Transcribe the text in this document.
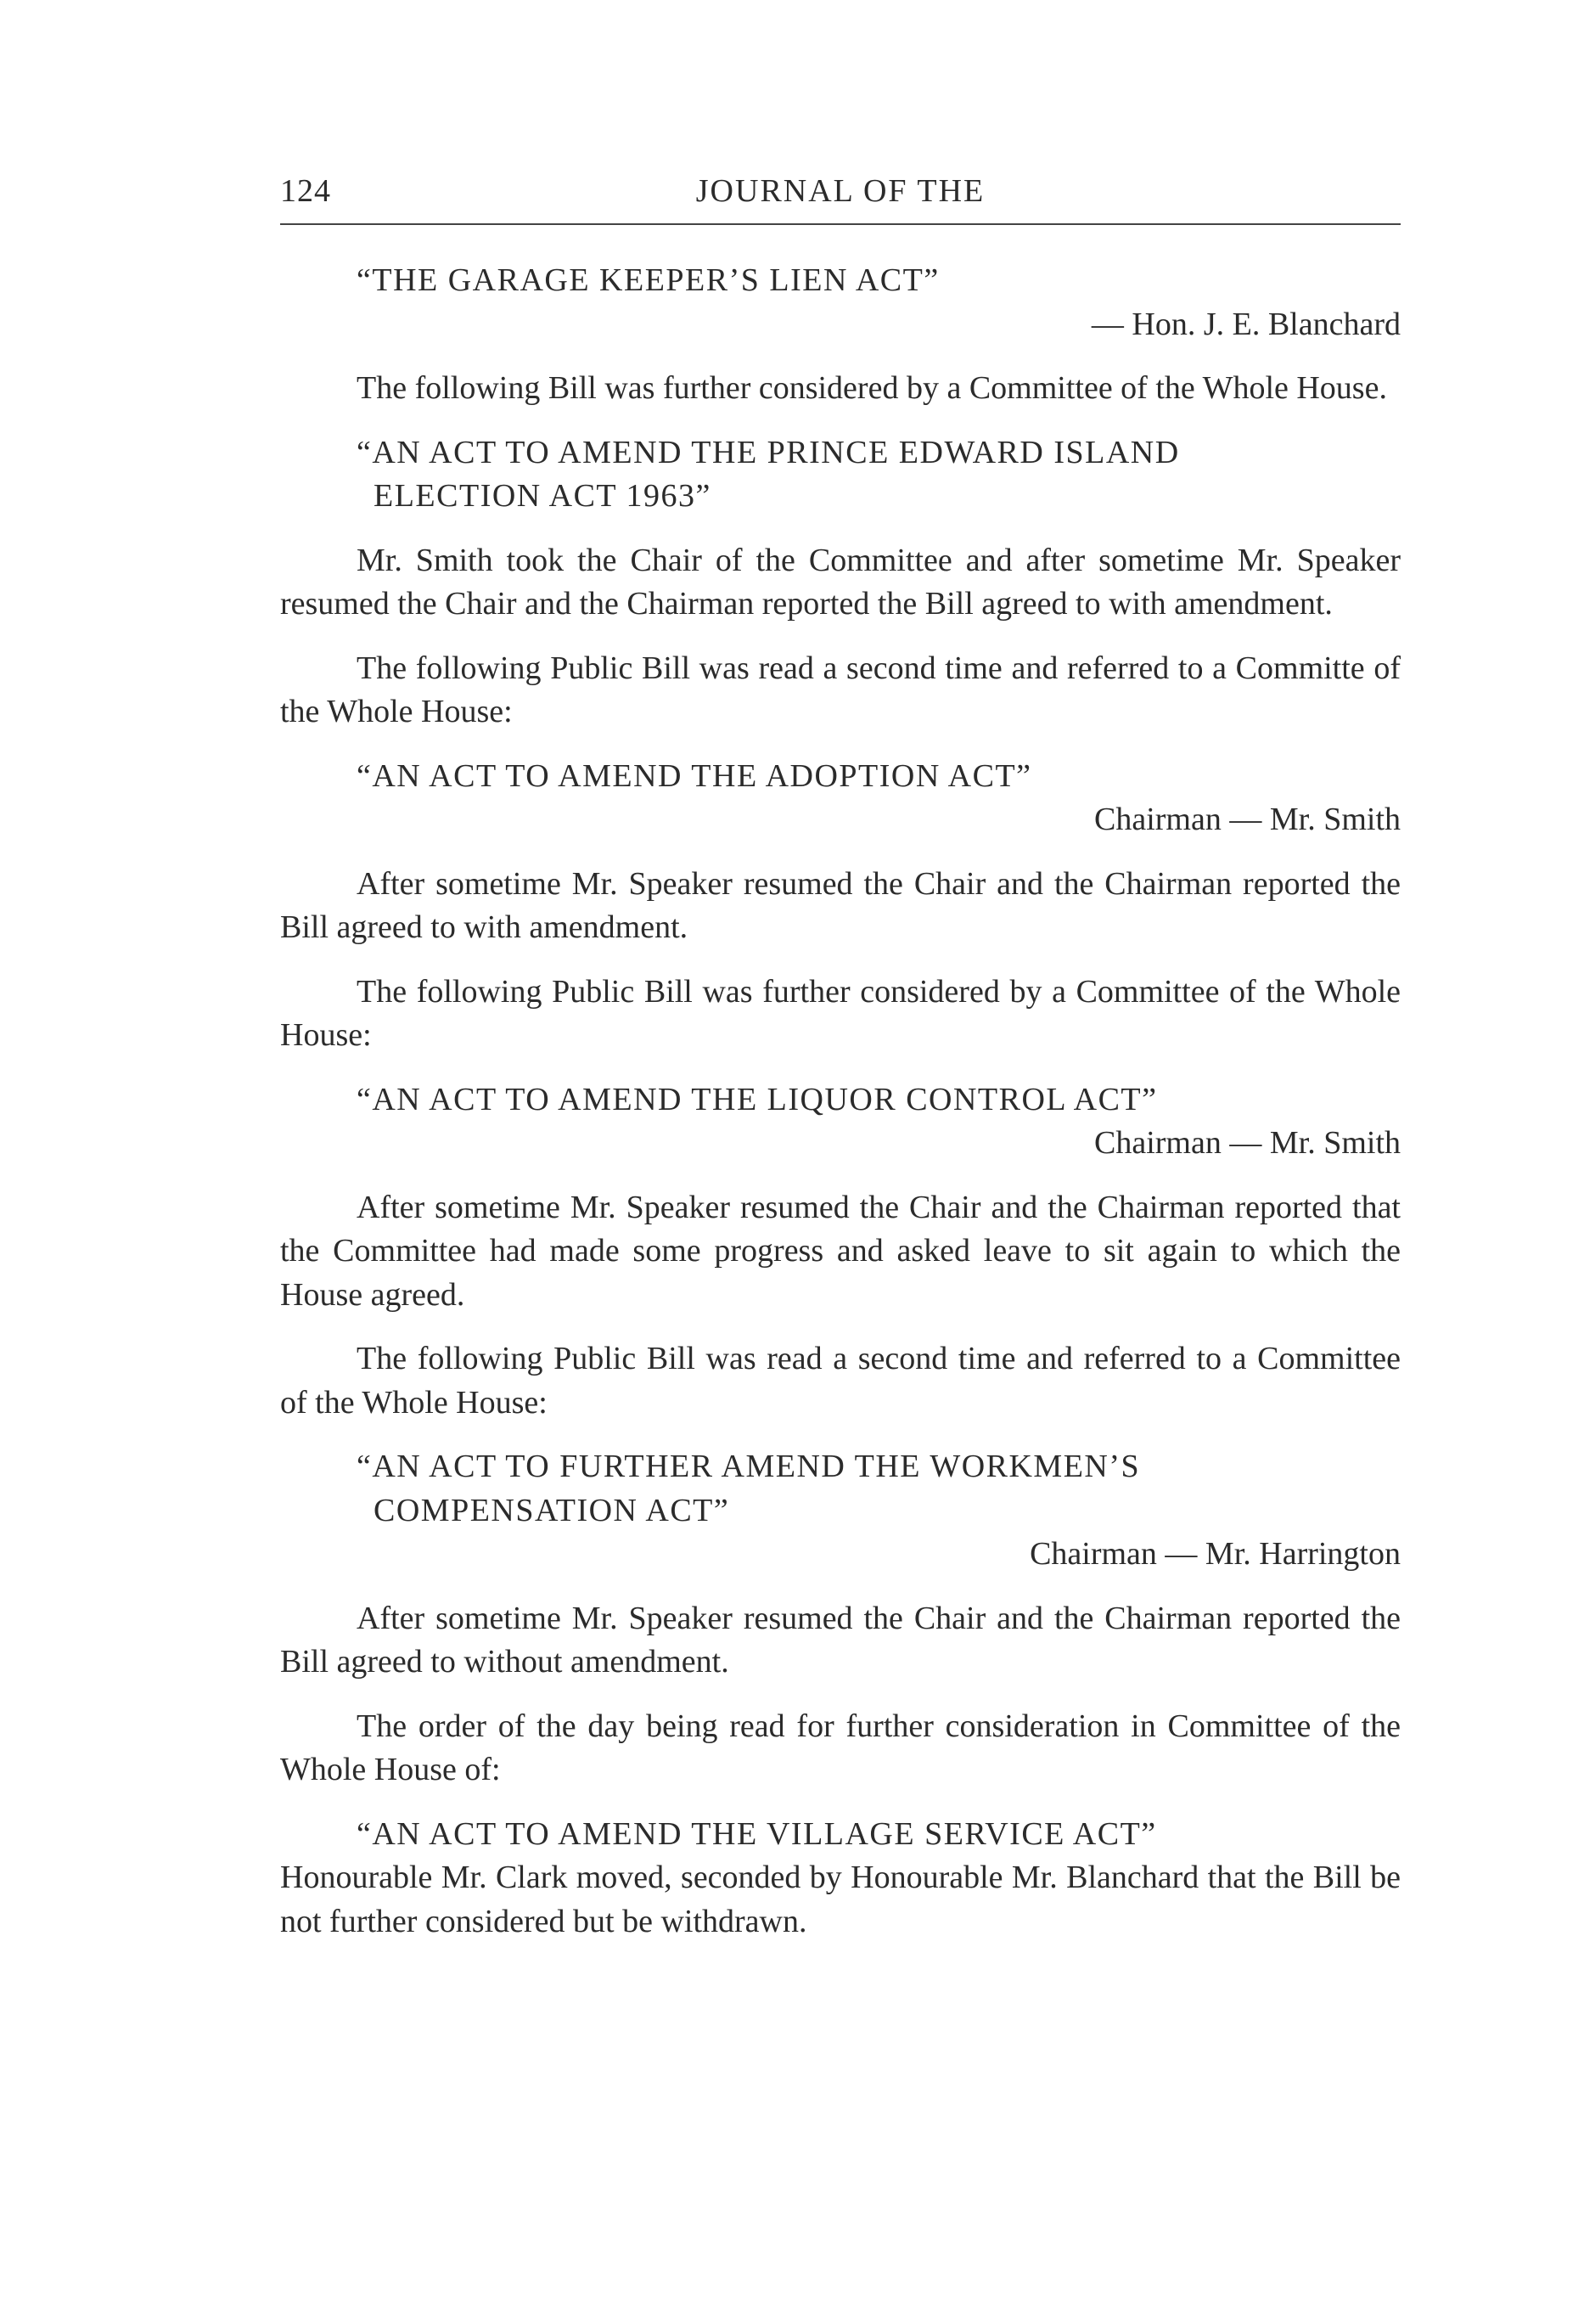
124	JOURNAL OF THE

“THE GARAGE KEEPER’S LIEN ACT”

— Hon. J. E. Blanchard

The following Bill was further considered by a Committee of the Whole House.

“AN ACT TO AMEND THE PRINCE EDWARD ISLAND

ELECTION ACT 1963”

Mr. Smith took the Chair of the Committee and after sometime Mr. Speaker resumed the Chair and the Chairman reported the Bill agreed to with amendment.

The following Public Bill was read a second time and referred to a Committe of the Whole House:

“AN ACT TO AMEND THE ADOPTION ACT”

Chairman — Mr. Smith

After sometime Mr. Speaker resumed the Chair and the Chairman reported the Bill agreed to with amendment.

The following Public Bill was further considered by a Committee of the Whole House:

“AN ACT TO AMEND THE LIQUOR CONTROL ACT”

Chairman — Mr. Smith

After sometime Mr. Speaker resumed the Chair and the Chairman reported that the Committee had made some progress and asked leave to sit again to which the House agreed.

The following Public Bill was read a second time and referred to a Committee of the Whole House:

“AN ACT TO FURTHER AMEND THE WORKMEN’S

COMPENSATION ACT”

Chairman — Mr. Harrington

After sometime Mr. Speaker resumed the Chair and the Chairman reported the Bill agreed to without amendment.

The order of the day being read for further consideration in Committee of the Whole House of:

“AN ACT TO AMEND THE VILLAGE SERVICE ACT”

Honourable Mr. Clark moved, seconded by Honourable Mr. Blanchard that the Bill be not further considered but be withdrawn.
